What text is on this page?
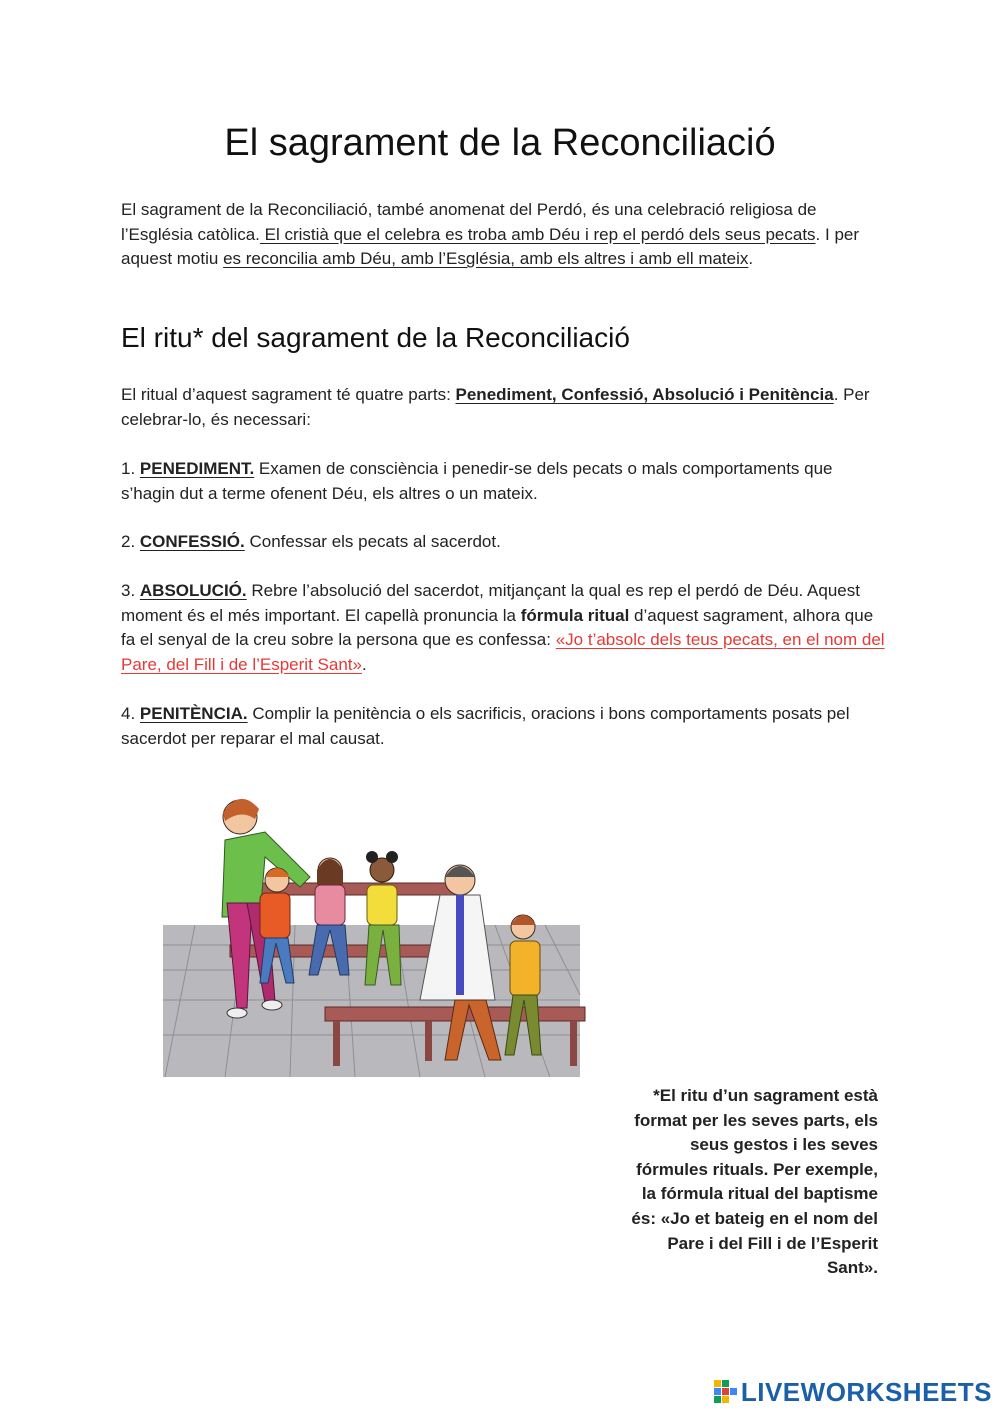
El sagrament de la Reconciliació

El sagrament de la Reconciliació, també anomenat del Perdó, és una celebració religiosa de l’Església catòlica. El cristià que el celebra es troba amb Déu i rep el perdó dels seus pecats. I per aquest motiu es reconcilia amb Déu, amb l’Església, amb els altres i amb ell mateix.

El ritu* del sagrament de la Reconciliació

El ritual d’aquest sagrament té quatre parts: Penediment, Confessió, Absolució i Penitència. Per celebrar-lo, és necessari:

1. PENEDIMENT. Examen de consciència i penedir-se dels pecats o mals comportaments que s’hagin dut a terme ofenent Déu, els altres o un mateix.

2. CONFESSIÓ. Confessar els pecats al sacerdot.

3. ABSOLUCIÓ. Rebre l’absolució del sacerdot, mitjançant la qual es rep el perdó de Déu. Aquest moment és el més important. El capellà pronuncia la fórmula ritual d’aquest sagrament, alhora que fa el senyal de la creu sobre la persona que es confessa: «Jo t’absolc dels teus pecats, en el nom del Pare, del Fill i de l’Esperit Sant».

4. PENITÈNCIA. Complir la penitència o els sacrificis, oracions i bons comportaments posats pel sacerdot per reparar el mal causat.

*El ritu d’un sagrament està format per les seves parts, els seus gestos i les seves fórmules rituals. Per exemple, la fórmula ritual del baptisme és: «Jo et bateig en el nom del Pare i del Fill i de l’Esperit Sant».

LIVEWORKSHEETS
